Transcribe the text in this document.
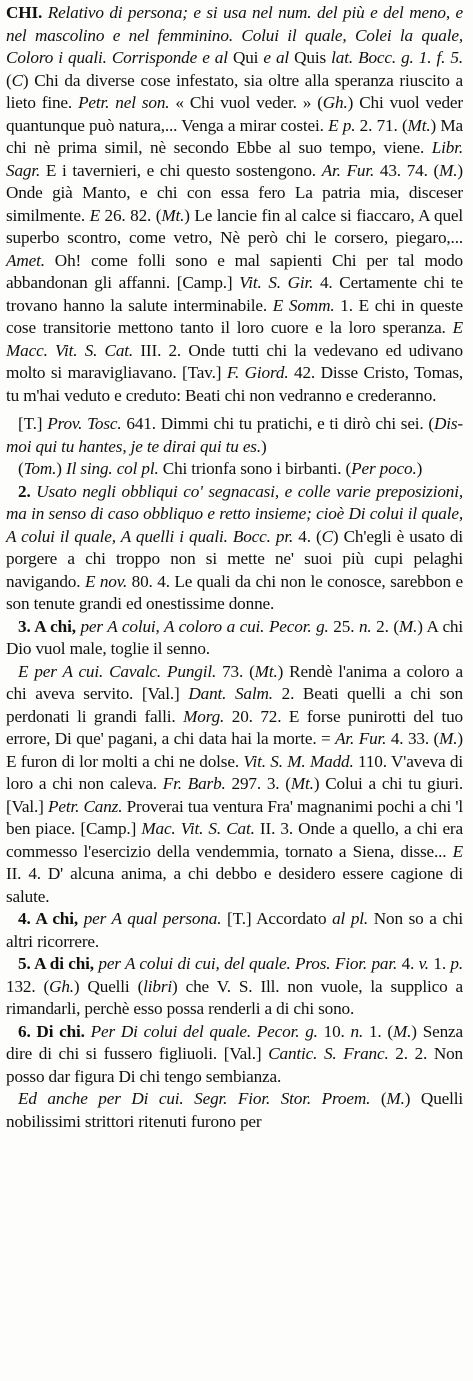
CHI. Relativo di persona; e si usa nel num. del più e del meno, e nel mascolino e nel femminino. Colui il quale, Colei la quale, Coloro i quali. Corrisponde e al Qui e al Quis lat. Bocc. g. 1. f. 5. (C) Chi da diverse cose infestato, sia oltre alla speranza riuscito a lieto fine. Petr. nel son. « Chi vuol veder. » (Gh.) Chi vuol veder quantunque può natura,... Venga a mirar costei. E p. 2. 71. (Mt.) Ma chi nè prima simil, nè secondo Ebbe al suo tempo, viene. Libr. Sagr. E i tavernieri, e chi questo sostengono. Ar. Fur. 43. 74. (M.) Onde già Manto, e chi con essa fero La patria mia, disceser similmente. E 26. 82. (Mt.) Le lancie fin al calce si fiaccaro, A quel superbo scontro, come vetro, Nè però chi le corsero, piegaro,... Amet. Oh! come folli sono e mal sapienti Chi per tal modo abbandonan gli affanni. [Camp.] Vit. S. Gir. 4. Certamente chi te trovano hanno la salute interminabile. E Somm. 1. E chi in queste cose transitorie mettono tanto il loro cuore e la loro speranza. E Macc. Vit. S. Cat. III. 2. Onde tutti chi la vedevano ed udivano molto si maravigliavano. [Tav.] F. Giord. 42. Disse Cristo, Tomas, tu m'hai veduto e creduto: Beati chi non vedranno e crederanno.

[T.] Prov. Tosc. 641. Dimmi chi tu pratichi, e ti dirò chi sei. (Dis-moi qui tu hantes, je te dirai qui tu es.)

(Tom.) Il sing. col pl. Chi trionfa sono i birbanti. (Per poco.)

2. Usato negli obbliqui co' segnacasi, e colle varie preposizioni, ma in senso di caso obbliquo e retto insieme; cioè Di colui il quale, A colui il quale, A quelli i quali. Bocc. pr. 4. (C) Ch'egli è usato di porgere a chi troppo non si mette ne' suoi più cupi pelaghi navigando. E nov. 80. 4. Le quali da chi non le conosce, sarebbon e son tenute grandi ed onestissime donne.

3. A chi, per A colui, A coloro a cui. Pecor. g. 25. n. 2. (M.) A chi Dio vuol male, toglie il senno.

E per A cui. Cavalc. Pungil. 73. (Mt.) Rendè l'anima a coloro a chi aveva servito. [Val.] Dant. Salm. 2. Beati quelli a chi son perdonati li grandi falli. Morg. 20. 72. E forse punirotti del tuo errore, Di que' pagani, a chi data hai la morte. = Ar. Fur. 4. 33. (M.) E furon di lor molti a chi ne dolse. Vit. S. M. Madd. 110. V'aveva di loro a chi non caleva. Fr. Barb. 297. 3. (Mt.) Colui a chi tu giuri. [Val.] Petr. Canz. Proverai tua ventura Fra' magnanimi pochi a chi 'l ben piace. [Camp.] Mac. Vit. S. Cat. II. 3. Onde a quello, a chi era commesso l'esercizio della vendemmia, tornato a Siena, disse... E II. 4. D' alcuna anima, a chi debbo e desidero essere cagione di salute.

4. A chi, per A qual persona. [T.] Accordato al pl. Non so a chi altri ricorrere.

5. A di chi, per A colui di cui, del quale. Pros. Fior. par. 4. v. 1. p. 132. (Gh.) Quelli (libri) che V. S. Ill. non vuole, la supplico a rimandarli, perchè esso possa renderli a di chi sono.

6. Di chi. Per Di colui del quale. Pecor. g. 10. n. 1. (M.) Senza dire di chi si fussero figliuoli. [Val.] Cantic. S. Franc. 2. 2. Non posso dar figura Di chi tengo sembianza.

Ed anche per Di cui. Segr. Fior. Stor. Proem. (M.) Quelli nobilissimi strittori ritenuti furono per
